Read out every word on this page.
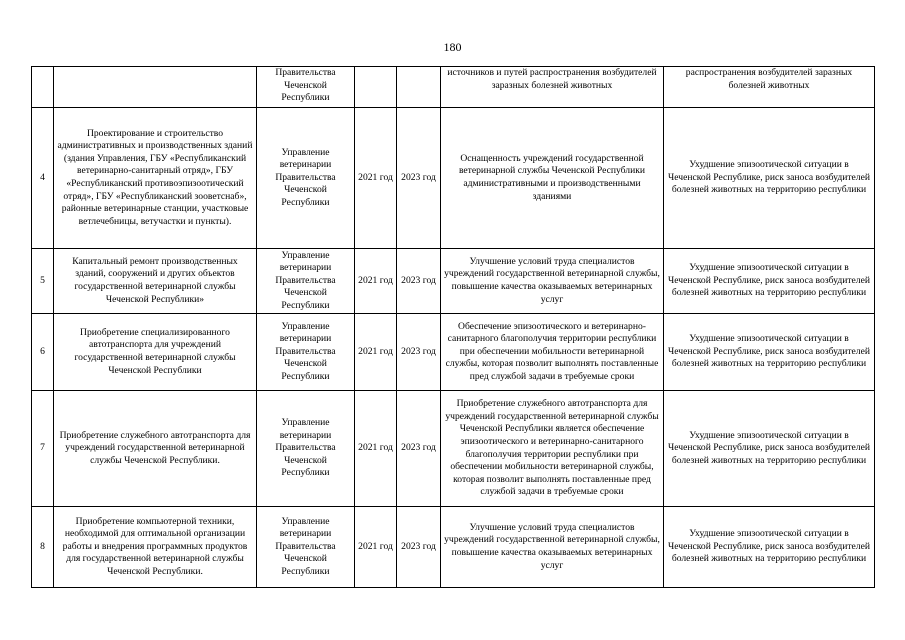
180
		Правительства Чеченской Республики			источников и путей распространения возбудителей заразных болезней животных	распространения возбудителей заразных болезней животных
4	Проектирование и строительство административных и производственных зданий (здания Управления, ГБУ «Республиканский ветеринарно-санитарный отряд», ГБУ «Республиканский противоэпизоотический отряд», ГБУ «Республиканский зооветснаб», районные ветеринарные станции, участковые ветлечебницы, ветучастки и пункты).	Управление ветеринарии Правительства Чеченской Республики	2021 год	2023 год	Оснащенность учреждений государственной ветеринарной службы Чеченской Республики административными и производственными зданиями	Ухудшение эпизоотической ситуации в Чеченской Республике, риск заноса возбудителей болезней животных на территорию республики
5	Капитальный ремонт производственных зданий, сооружений и других объектов государственной ветеринарной службы Чеченской Республики»	Управление ветеринарии Правительства Чеченской Республики	2021 год	2023 год	Улучшение условий труда специалистов учреждений государственной ветеринарной службы, повышение качества оказываемых ветеринарных услуг	Ухудшение эпизоотической ситуации в Чеченской Республике, риск заноса возбудителей болезней животных на территорию республики
6	Приобретение специализированного автотранспорта для учреждений государственной ветеринарной службы Чеченской Республики	Управление ветеринарии Правительства Чеченской Республики	2021 год	2023 год	Обеспечение эпизоотического и ветеринарно-санитарного благополучия территории республики при обеспечении мобильности ветеринарной службы, которая позволит выполнять поставленные пред службой задачи в требуемые сроки	Ухудшение эпизоотической ситуации в Чеченской Республике, риск заноса возбудителей болезней животных на территорию республики
7	Приобретение служебного автотранспорта для учреждений государственной ветеринарной службы Чеченской Республики.	Управление ветеринарии Правительства Чеченской Республики	2021 год	2023 год	Приобретение служебного автотранспорта для учреждений государственной ветеринарной службы Чеченской Республики является обеспечение эпизоотического и ветеринарно-санитарного благополучия территории республики при обеспечении мобильности ветеринарной службы, которая позволит выполнять поставленные пред службой задачи в требуемые сроки	Ухудшение эпизоотической ситуации в Чеченской Республике, риск заноса возбудителей болезней животных на территорию республики
8	Приобретение компьютерной техники, необходимой для оптимальной организации работы и внедрения программных продуктов для государственной ветеринарной службы Чеченской Республики.	Управление ветеринарии Правительства Чеченской Республики	2021 год	2023 год	Улучшение условий труда специалистов учреждений государственной ветеринарной службы, повышение качества оказываемых ветеринарных услуг	Ухудшение эпизоотической ситуации в Чеченской Республике, риск заноса возбудителей болезней животных на территорию республики
